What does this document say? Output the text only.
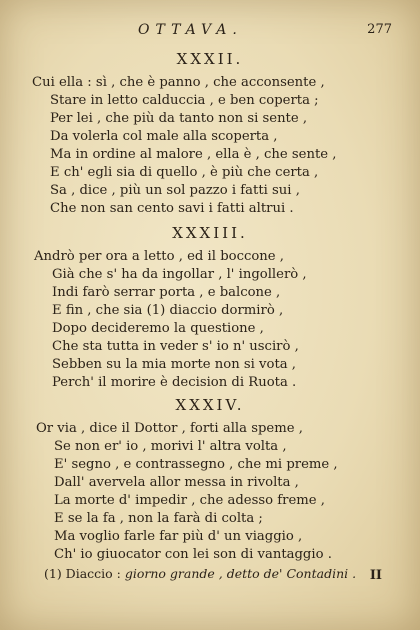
OTTAVA.	277
XXXII.
Cui ella : sì , che è panno , che acconsente ,
Stare in letto calduccia , e ben coperta ;
Per lei , che più da tanto non si sente ,
Da volerla col male alla scoperta ,
Ma in ordine al malore , ella è , che sente ,
E ch' egli sia di quello , è più che certa ,
Sa , dice , più un sol pazzo i fatti sui ,
Che non san cento savi i fatti altrui .
XXXIII.
Andrò per ora a letto , ed il boccone ,
Già che s' ha da ingollar , l' ingollerò ,
Indi farò serrar porta , e balcone ,
E fin , che sia (1) diaccio dormirò ,
Dopo decideremo la questione ,
Che sta tutta in veder s' io n' uscirò ,
Sebben su la mia morte non si vota ,
Perch' il morire è decision di Ruota .
XXXIV.
Or via , dice il Dottor , forti alla speme ,
Se non er' io , morivi l' altra volta ,
E' segno , e contrassegno , che mi preme ,
Dall' avervela allor messa in rivolta ,
La morte d' impedir , che adesso freme ,
E se la fa , non la farà di colta ;
Ma voglio farle far più d' un viaggio ,
Ch' io giuocator con lei son di vantaggio .
(1) Diaccio : giorno grande , detto de' Contadini . II
